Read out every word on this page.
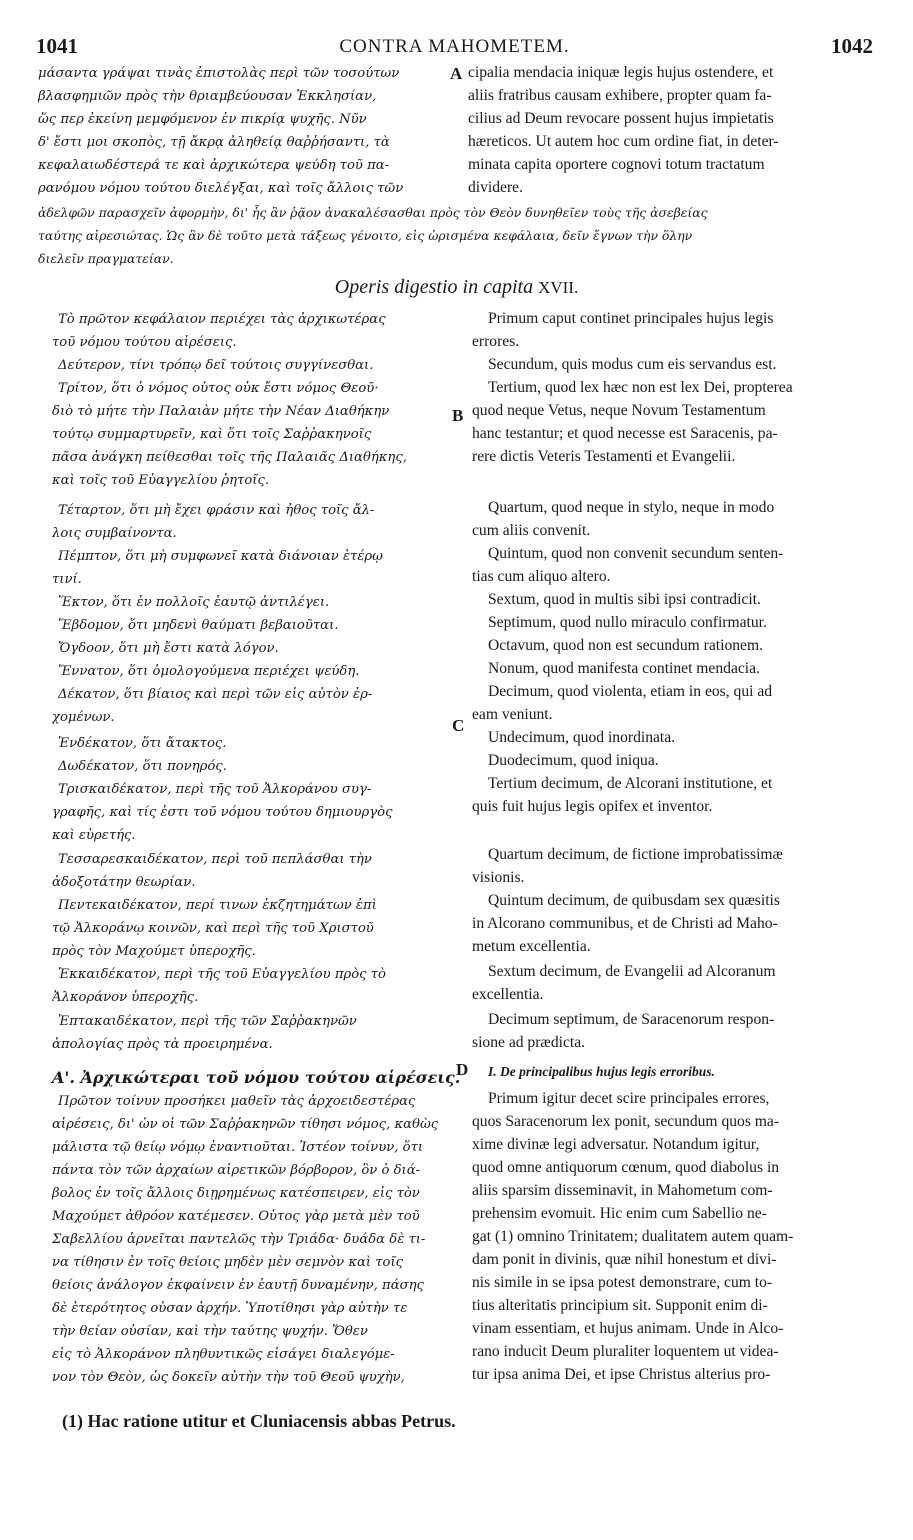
1041	CONTRA MAHOMETEM.	1042
μάσαντα γράψαι τινὰς ἐπιστολὰς περὶ τῶν τοσούτων
βλασφημιῶν πρὸς τὴν θριαμβεύουσαν Ἐκκλησίαν,
ὥς περ ἐκείνη μεμφόμενον ἐν πικρίᾳ ψυχῆς. Νῦν
δ' ἔστι μοι σκοπὸς, τῇ ἄκρᾳ ἀληθείᾳ θαῤῥήσαντι, τὰ
κεφαλαιωδέστερά τε καὶ ἀρχικώτερα ψεύδη τοῦ πα-
ρανόμου νόμου τούτου διελέγξαι, καὶ τοῖς ἄλλοις τῶν
cipalia mendacia iniquæ legis hujus ostendere, et
aliis fratribus causam exhibere, propter quam fa-
cilius ad Deum revocare possent hujus impietatis
hæreticos. Ut autem hoc cum ordine fiat, in deter-
minata capita oportere cognovi totum tractatum
dividere.
A
ἀδελφῶν παρασχεῖν ἀφορμὴν, δι' ἧς ἂν ῥᾷον ἀνακαλέσασθαι πρὸς τὸν Θεὸν δυνηθεῖεν τοὺς τῆς ἀσεβείας
ταύτης αἱρεσιώτας. Ὡς ἂν δὲ τοῦτο μετὰ τάξεως γένοιτο, εἰς ὡρισμένα κεφάλαια, δεῖν ἔγνων τὴν ὅλην
διελεῖν πραγματείαν.
Operis digestio in capita XVII.
Τὸ πρῶτον κεφάλαιον περιέχει τὰς ἀρχικωτέρας
τοῦ νόμου τούτου αἱρέσεις.
Δεύτερον, τίνι τρόπῳ δεῖ τούτοις συγγίνεσθαι.
Τρίτον, ὅτι ὁ νόμος οὗτος οὐκ ἔστι νόμος Θεοῦ·
διὸ τὸ μήτε τὴν Παλαιὰν μήτε τὴν Νέαν Διαθήκην
τούτῳ συμμαρτυρεῖν, καὶ ὅτι τοῖς Σαῤῥακηνοῖς
πᾶσα ἀνάγκη πείθεσθαι τοῖς τῆς Παλαιᾶς Διαθήκης,
καὶ τοῖς τοῦ Εὐαγγελίου ῥητοῖς.
Τέταρτον, ὅτι μὴ ἔχει φράσιν καὶ ἦθος τοῖς ἄλ-
λοις συμβαίνοντα.
Πέμπτον, ὅτι μὴ συμφωνεῖ κατὰ διάνοιαν ἑτέρῳ
τινί.
Ἕκτον, ὅτι ἐν πολλοῖς ἑαυτῷ ἀντιλέγει.
Ἕβδομον, ὅτι μηδενὶ θαύματι βεβαιοῦται.
Ὄγδοον, ὅτι μὴ ἔστι κατὰ λόγον.
Ἔννατον, ὅτι ὁμολογούμενα περιέχει ψεύδη.
Δέκατον, ὅτι βίαιος καὶ περὶ τῶν εἰς αὐτὸν ἐρ-
χομένων.
Ἑνδέκατον, ὅτι ἄτακτος.
Δωδέκατον, ὅτι πονηρός.
Τρισκαιδέκατον, περὶ τῆς τοῦ Ἀλκοράνου συγ-
γραφῆς, καὶ τίς ἐστι τοῦ νόμου τούτου δημιουργὸς
καὶ εὑρετής.
Τεσσαρεσκαιδέκατον, περὶ τοῦ πεπλάσθαι τὴν
ἀδοξοτάτην θεωρίαν.
Πεντεκαιδέκατον, περί τινων ἐκζητημάτων ἐπὶ
τῷ Ἀλκοράνῳ κοινῶν, καὶ περὶ τῆς τοῦ Χριστοῦ
πρὸς τὸν Μαχούμετ ὑπεροχῆς.
Ἑκκαιδέκατον, περὶ τῆς τοῦ Εὐαγγελίου πρὸς τὸ
Ἀλκοράνον ὑπεροχῆς.
Ἑπτακαιδέκατον, περὶ τῆς τῶν Σαῤῥακηνῶν
ἀπολογίας πρὸς τὰ προειρημένα.
Primum caput continet principales hujus legis
errores.
Secundum, quis modus cum eis servandus est.
Tertium, quod lex hæc non est lex Dei, propterea
quod neque Vetus, neque Novum Testamentum
hanc testantur; et quod necesse est Saracenis, pa-
rere dictis Veteris Testamenti et Evangelii.
Quartum, quod neque in stylo, neque in modo
cum aliis convenit.
Quintum, quod non convenit secundum senten-
tias cum aliquo altero.
Sextum, quod in multis sibi ipsi contradicit.
Septimum, quod nullo miraculo confirmatur.
Octavum, quod non est secundum rationem.
Nonum, quod manifesta continet mendacia.
Decimum, quod violenta, etiam in eos, qui ad
eam veniunt.
Undecimum, quod inordinata.
Duodecimum, quod iniqua.
Tertium decimum, de Alcorani institutione, et
quis fuit hujus legis opifex et inventor.
Quartum decimum, de fictione improbatissimæ
visionis.
Quintum decimum, de quibusdam sex quæsitis
in Alcorano communibus, et de Christi ad Maho-
metum excellentia.
Sextum decimum, de Evangelii ad Alcoranum
excellentia.
Decimum septimum, de Saracenorum respon-
sione ad prædicta.
B
C
D
Α'. Ἀρχικώτεραι τοῦ νόμου τούτου αἱρέσεις. I. De principalibus hujus legis erroribus.
Πρῶτον τοίνυν προσήκει μαθεῖν τὰς ἀρχοειδεστέρας
αἱρέσεις, δι' ὧν οἱ τῶν Σαῤῥακηνῶν τίθησι νόμος, καθὼς
μάλιστα τῷ θείῳ νόμῳ ἐναντιοῦται. Ἰστέον τοίνυν, ὅτι
πάντα τὸν τῶν ἀρχαίων αἱρετικῶν βόρβορον, ὃν ὁ διά-
βολος ἐν τοῖς ἄλλοις διῃρημένως κατέσπειρεν, εἰς τὸν
Μαχούμετ ἀθρόον κατέμεσεν. Οὗτος γὰρ μετὰ μὲν τοῦ
Σαβελλίου ἀρνεῖται παντελῶς τὴν Τριάδα· δυάδα δὲ τι-
να τίθησιν ἐν τοῖς θείοις μηδὲν μὲν σεμνὸν καὶ τοῖς
θείοις ἀνάλογον ἐκφαίνειν ἐν ἑαυτῇ δυναμένην, πάσης
δὲ ἑτερότητος οὖσαν ἀρχήν. Ὑποτίθησι γὰρ αὐτὴν τε
τὴν θείαν οὐσίαν, καὶ τὴν ταύτης ψυχήν. Ὅθεν
εἰς τὸ Ἀλκοράνον πληθυντικῶς εἰσάγει διαλεγόμε-
νον τὸν Θεὸν, ὡς δοκεῖν αὐτὴν τὴν τοῦ Θεοῦ ψυχὴν,
Primum igitur decet scire principales errores,
quos Saracenorum lex ponit, secundum quos ma-
xime divinæ legi adversatur. Notandum igitur,
quod omne antiquorum cœnum, quod diabolus in
aliis sparsim disseminavit, in Mahometum com-
prehensim evomuit. Hic enim cum Sabellio ne-
gat (1) omnino Trinitatem; dualitatem autem quam-
dam ponit in divinis, quæ nihil honestum et divi-
nis simile in se ipsa potest demonstrare, cum to-
tius alteritatis principium sit. Supponit enim di-
vinam essentiam, et hujus animam. Unde in Alco-
rano inducit Deum pluraliter loquentem ut videa-
tur ipsa anima Dei, et ipse Christus alterius pro-
(1) Hac ratione utitur et Cluniacensis abbas Petrus.
